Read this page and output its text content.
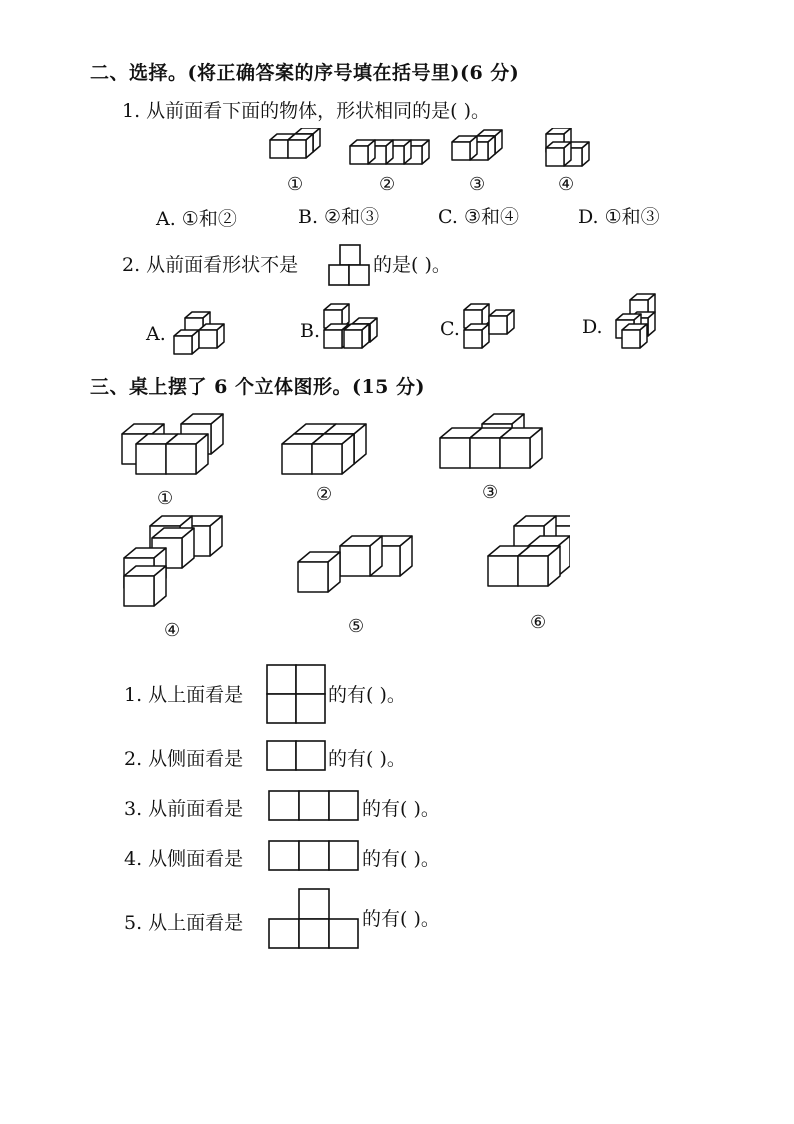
二、选择。(将正确答案的序号填在括号里)(6 分)
1. 从前面看下面的物体，形状相同的是( )。
①	②	③	④
A. ①和②	B. ②和③	C. ③和④	D. ①和③
2. 从前面看形状不是	的是( )。
A.	B.	C.	D.
三、桌上摆了 6 个立体图形。(15 分)
①	②	③
④	⑤	⑥
1. 从上面看是	的有( )。
2. 从侧面看是	的有( )。
3. 从前面看是	的有( )。
4. 从侧面看是	的有( )。
5. 从上面看是	的有( )。
